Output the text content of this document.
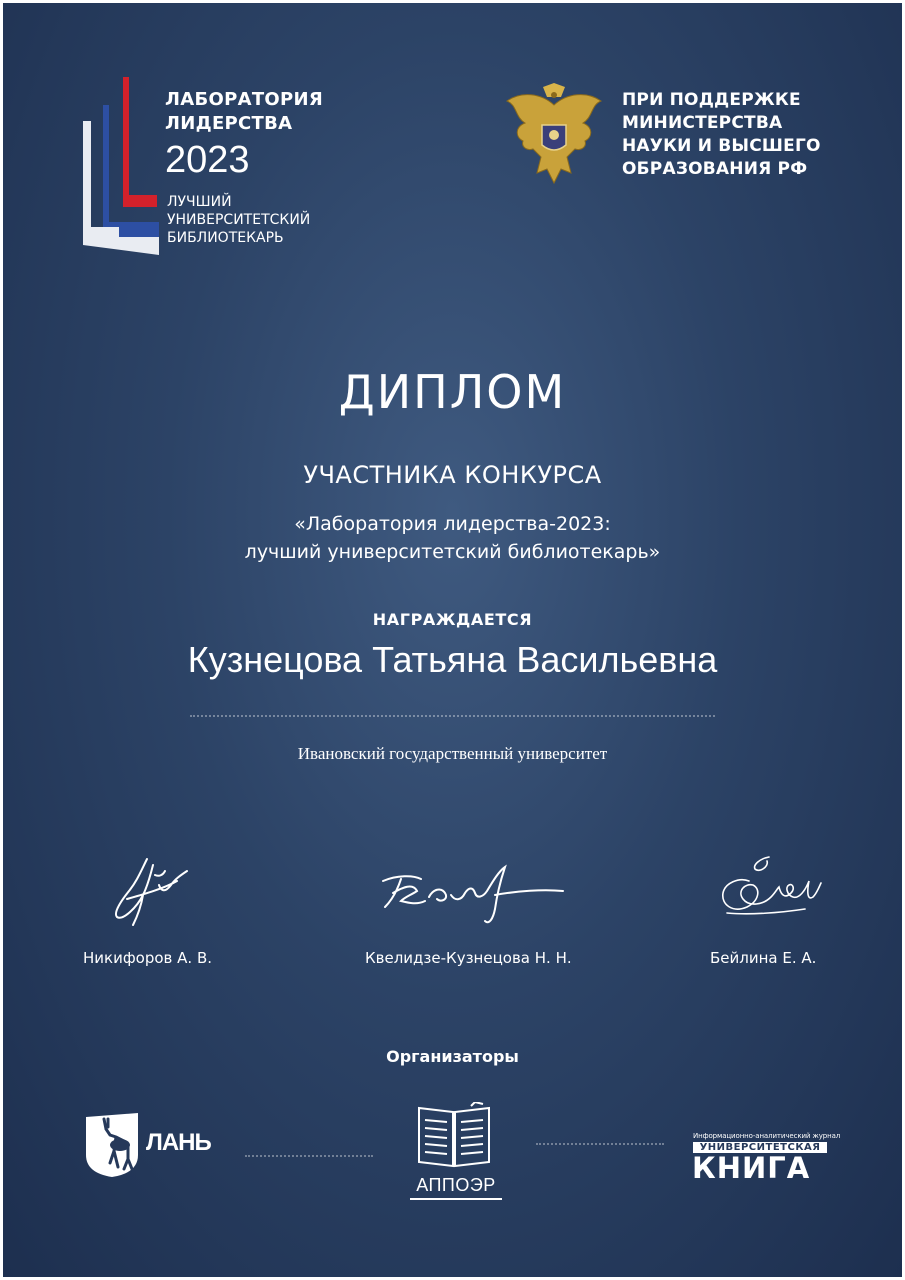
ЛАБОРАТОРИЯ
ЛИДЕРСТВА
2023
ЛУЧШИЙ
УНИВЕРСИТЕТСКИЙ
БИБЛИОТЕКАРЬ
ПРИ ПОДДЕРЖКЕ
МИНИСТЕРСТВА
НАУКИ И ВЫСШЕГО
ОБРАЗОВАНИЯ РФ
ДИПЛОМ
УЧАСТНИКА КОНКУРСА
«Лаборатория лидерства-2023:
лучший университетский библиотекарь»
НАГРАЖДАЕТСЯ
Кузнецова Татьяна Васильевна
Ивановский государственный университет
Никифоров А. В.	Квелидзе-Кузнецова Н. Н.	Бейлина Е. А.
Организаторы
ЛАНЬ
АППОЭР
Информационно-аналитический журнал
УНИВЕРСИТЕТСКАЯ
КНИГА
